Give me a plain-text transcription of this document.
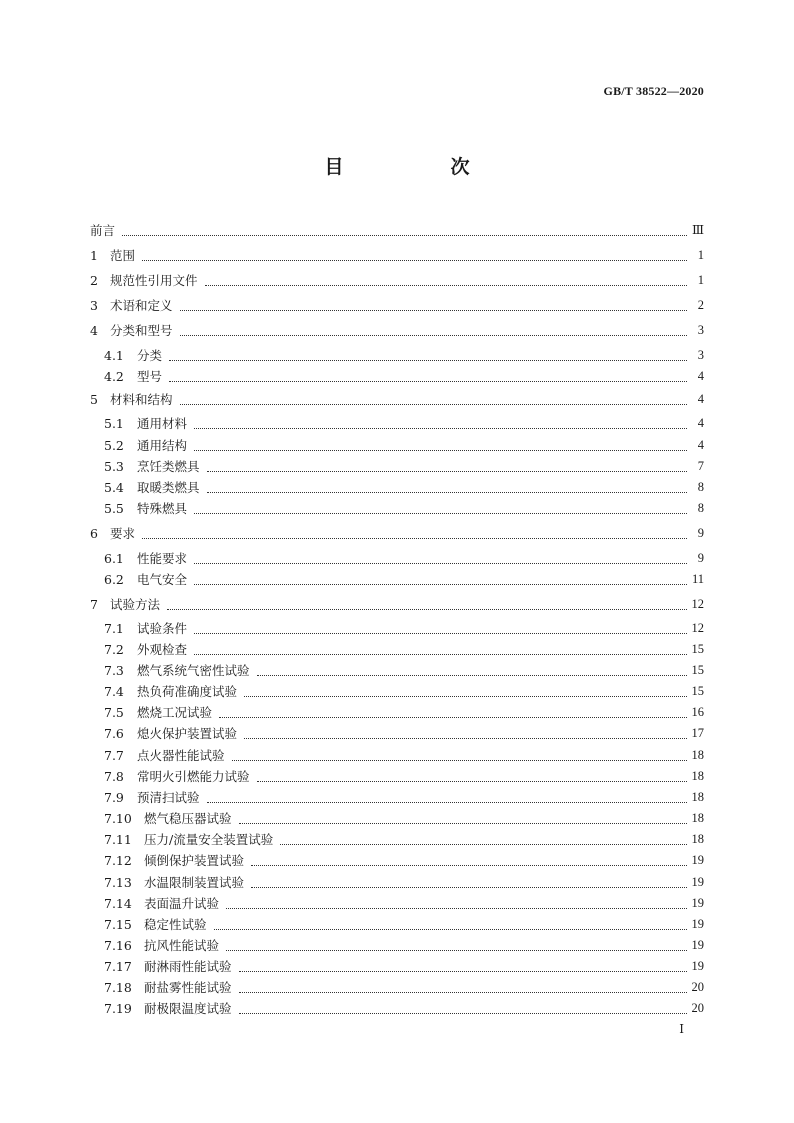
GB/T 38522—2020
目　次
前言	Ⅲ
1 范围	1
2 规范性引用文件	1
3 术语和定义	2
4 分类和型号	3
4.1	分类	3
4.2	型号	4
5 材料和结构	4
5.1	通用材料	4
5.2	通用结构	4
5.3	烹饪类燃具	7
5.4	取暖类燃具	8
5.5	特殊燃具	8
6 要求	9
6.1	性能要求	9
6.2	电气安全	11
7 试验方法	12
7.1	试验条件	12
7.2	外观检查	15
7.3	燃气系统气密性试验	15
7.4	热负荷准确度试验	15
7.5	燃烧工况试验	16
7.6	熄火保护装置试验	17
7.7	点火器性能试验	18
7.8	常明火引燃能力试验	18
7.9	预清扫试验	18
7.10 燃气稳压器试验	18
7.11 压力/流量安全装置试验	18
7.12 倾倒保护装置试验	19
7.13 水温限制装置试验	19
7.14 表面温升试验	19
7.15 稳定性试验	19
7.16 抗风性能试验	19
7.17 耐淋雨性能试验	19
7.18 耐盐雾性能试验	20
7.19 耐极限温度试验	20
Ⅰ
